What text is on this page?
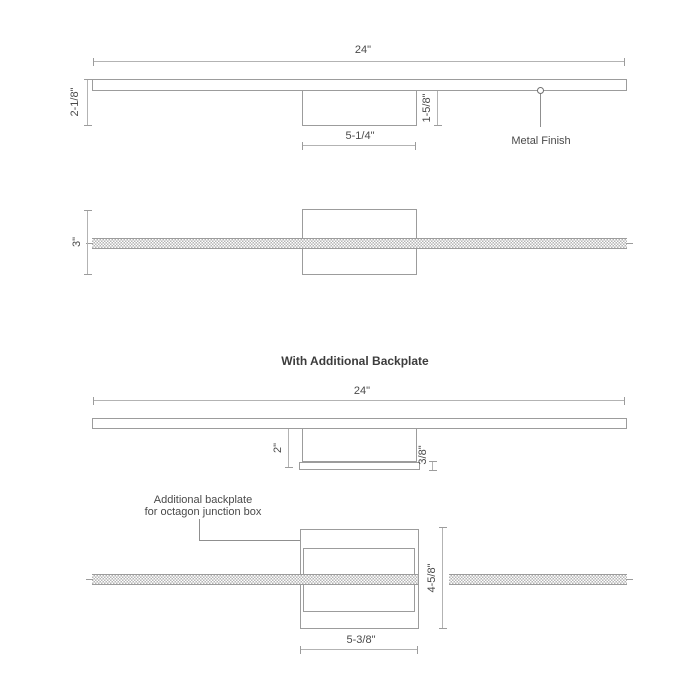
24"
2-1/8"
5-1/4"
1-5/8"
Metal Finish
3"
With Additional Backplate
24"
2"	3/8"
Additional backplate
for octagon junction box
4-5/8"
5-3/8"
